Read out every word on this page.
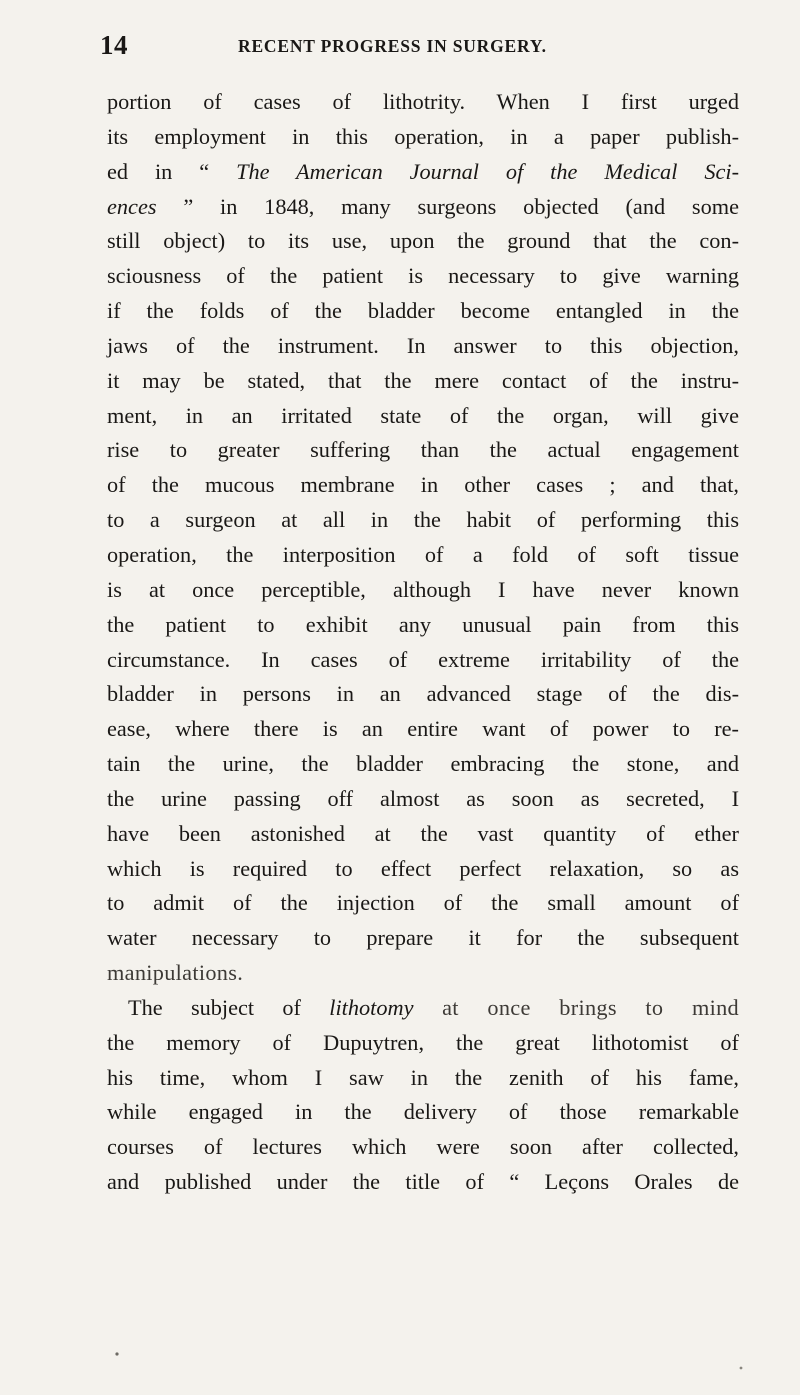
14	RECENT PROGRESS IN SURGERY.
portion of cases of lithotrity. When I first urged
its employment in this operation, in a paper publish-
ed in “ The American Journal of the Medical Sci-
ences ” in 1848, many surgeons objected (and some
still object) to its use, upon the ground that the con-
sciousness of the patient is necessary to give warning
if the folds of the bladder become entangled in the
jaws of the instrument. In answer to this objection,
it may be stated, that the mere contact of the instru-
ment, in an irritated state of the organ, will give
rise to greater suffering than the actual engagement
of the mucous membrane in other cases ; and that,
to a surgeon at all in the habit of performing this
operation, the interposition of a fold of soft tissue
is at once perceptible, although I have never known
the patient to exhibit any unusual pain from this
circumstance. In cases of extreme irritability of the
bladder in persons in an advanced stage of the dis-
ease, where there is an entire want of power to re-
tain the urine, the bladder embracing the stone, and
the urine passing off almost as soon as secreted, I
have been astonished at the vast quantity of ether
which is required to effect perfect relaxation, so as
to admit of the injection of the small amount of
water necessary to prepare it for the subsequent
manipulations.
The subject of lithotomy at once brings to mind
the memory of Dupuytren, the great lithotomist of
his time, whom I saw in the zenith of his fame,
while engaged in the delivery of those remarkable
courses of lectures which were soon after collected,
and published under the title of “ Leçons Orales de
